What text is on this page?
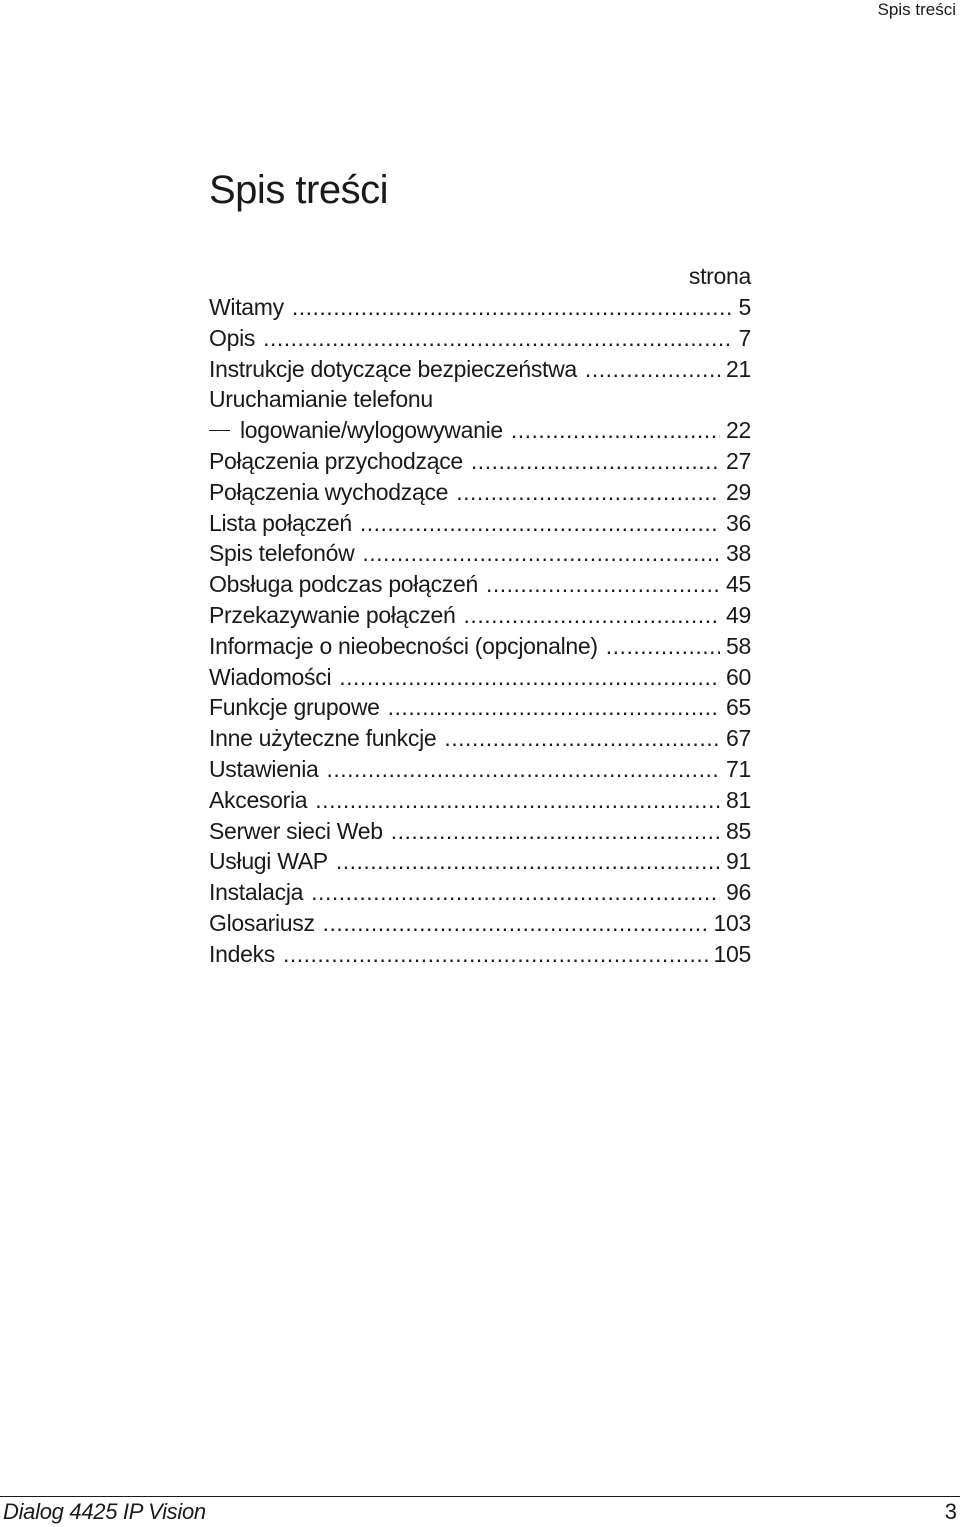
Spis treści
Spis treści
strona
Witamy .....	5
Opis .....	7
Instrukcje dotyczące bezpieczeństwa .....	21
Uruchamianie telefonu
logowanie/wylogowywanie .....	22
Połączenia przychodzące .....	27
Połączenia wychodzące .....	29
Lista połączeń .....	36
Spis telefonów .....	38
Obsługa podczas połączeń .....	45
Przekazywanie połączeń .....	49
Informacje o nieobecności (opcjonalne) .....	58
Wiadomości .....	60
Funkcje grupowe .....	65
Inne użyteczne funkcje .....	67
Ustawienia .....	71
Akcesoria .....	81
Serwer sieci Web .....	85
Usługi WAP .....	91
Instalacja .....	96
Glosariusz .....	103
Indeks .....	105
Dialog 4425 IP Vision	3
